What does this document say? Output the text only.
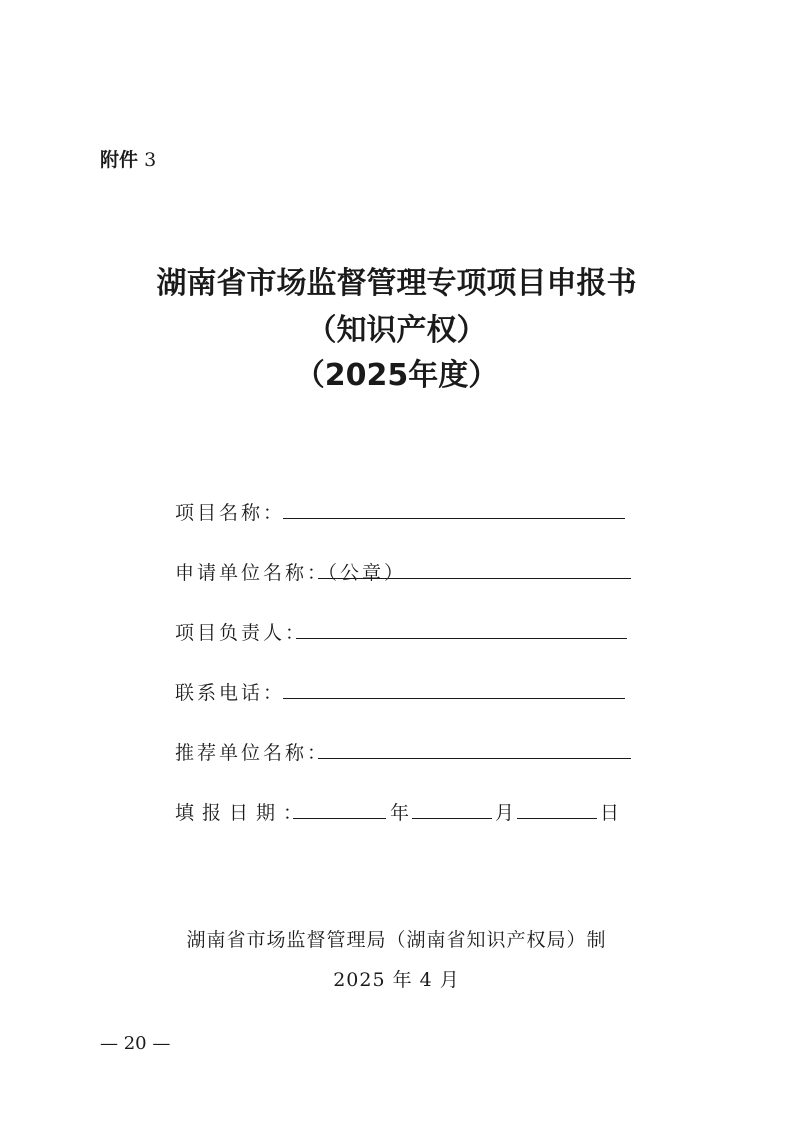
附件 3
湖南省市场监督管理专项项目申报书
（知识产权）
（2025年度）
项目名称：
申请单位名称：
（公章）
项目负责人：
联系电话：
推荐单位名称：
填报日期：	年	月	日
湖南省市场监督管理局（湖南省知识产权局）制
2025 年 4 月
— 20 —
